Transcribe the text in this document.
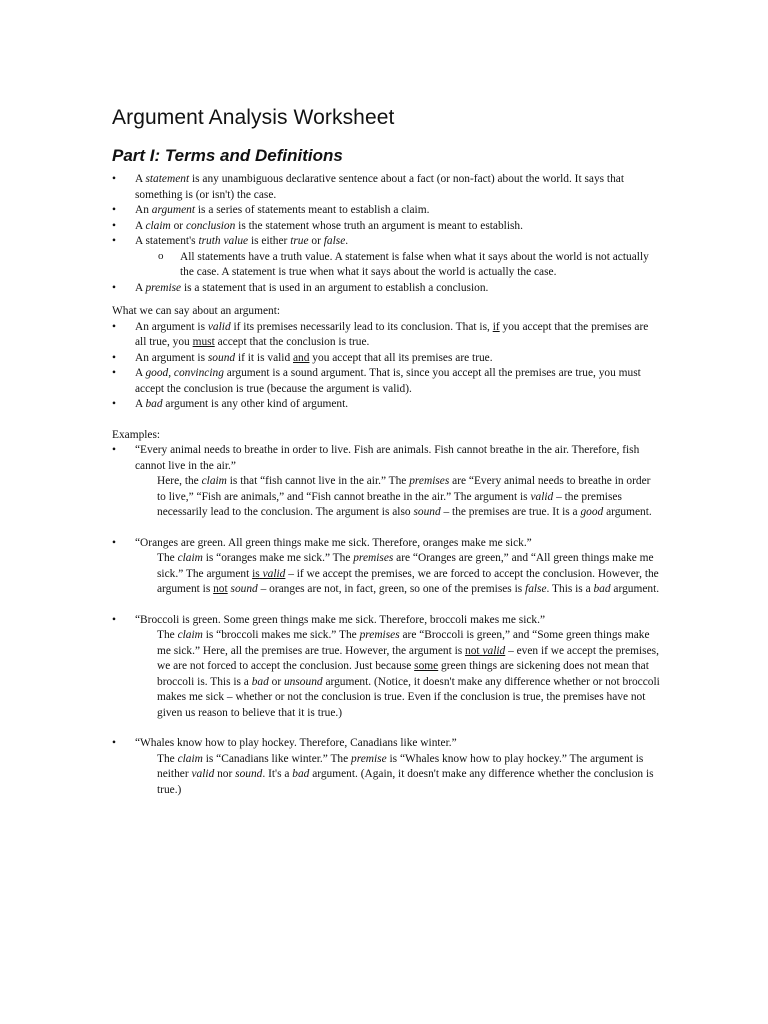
Argument Analysis Worksheet
Part I: Terms and Definitions
• A statement is any unambiguous declarative sentence about a fact (or non-fact) about the world. It says that something is (or isn't) the case.
• An argument is a series of statements meant to establish a claim.
• A claim or conclusion is the statement whose truth an argument is meant to establish.
• A statement's truth value is either true or false.
o All statements have a truth value. A statement is false when what it says about the world is not actually the case. A statement is true when what it says about the world is actually the case.
• A premise is a statement that is used in an argument to establish a conclusion.
What we can say about an argument:
• An argument is valid if its premises necessarily lead to its conclusion. That is, if you accept that the premises are all true, you must accept that the conclusion is true.
• An argument is sound if it is valid and you accept that all its premises are true.
• A good, convincing argument is a sound argument. That is, since you accept all the premises are true, you must accept the conclusion is true (because the argument is valid).
• A bad argument is any other kind of argument.
Examples:
• “Every animal needs to breathe in order to live. Fish are animals. Fish cannot breathe in the air. Therefore, fish cannot live in the air.”
Here, the claim is that “fish cannot live in the air.” The premises are “Every animal needs to breathe in order to live,” “Fish are animals,” and “Fish cannot breathe in the air.” The argument is valid – the premises necessarily lead to the conclusion. The argument is also sound – the premises are true. It is a good argument.
• “Oranges are green. All green things make me sick. Therefore, oranges make me sick.”
The claim is “oranges make me sick.” The premises are “Oranges are green,” and “All green things make me sick.” The argument is valid – if we accept the premises, we are forced to accept the conclusion. However, the argument is not sound – oranges are not, in fact, green, so one of the premises is false. This is a bad argument.
• “Broccoli is green. Some green things make me sick. Therefore, broccoli makes me sick.”
The claim is “broccoli makes me sick.” The premises are “Broccoli is green,” and “Some green things make me sick.” Here, all the premises are true. However, the argument is not valid – even if we accept the premises, we are not forced to accept the conclusion. Just because some green things are sickening does not mean that broccoli is. This is a bad or unsound argument. (Notice, it doesn't make any difference whether or not broccoli makes me sick – whether or not the conclusion is true. Even if the conclusion is true, the premises have not given us reason to believe that it is true.)
• “Whales know how to play hockey. Therefore, Canadians like winter.”
The claim is “Canadians like winter.” The premise is “Whales know how to play hockey.” The argument is neither valid nor sound. It's a bad argument. (Again, it doesn't make any difference whether the conclusion is true.)
